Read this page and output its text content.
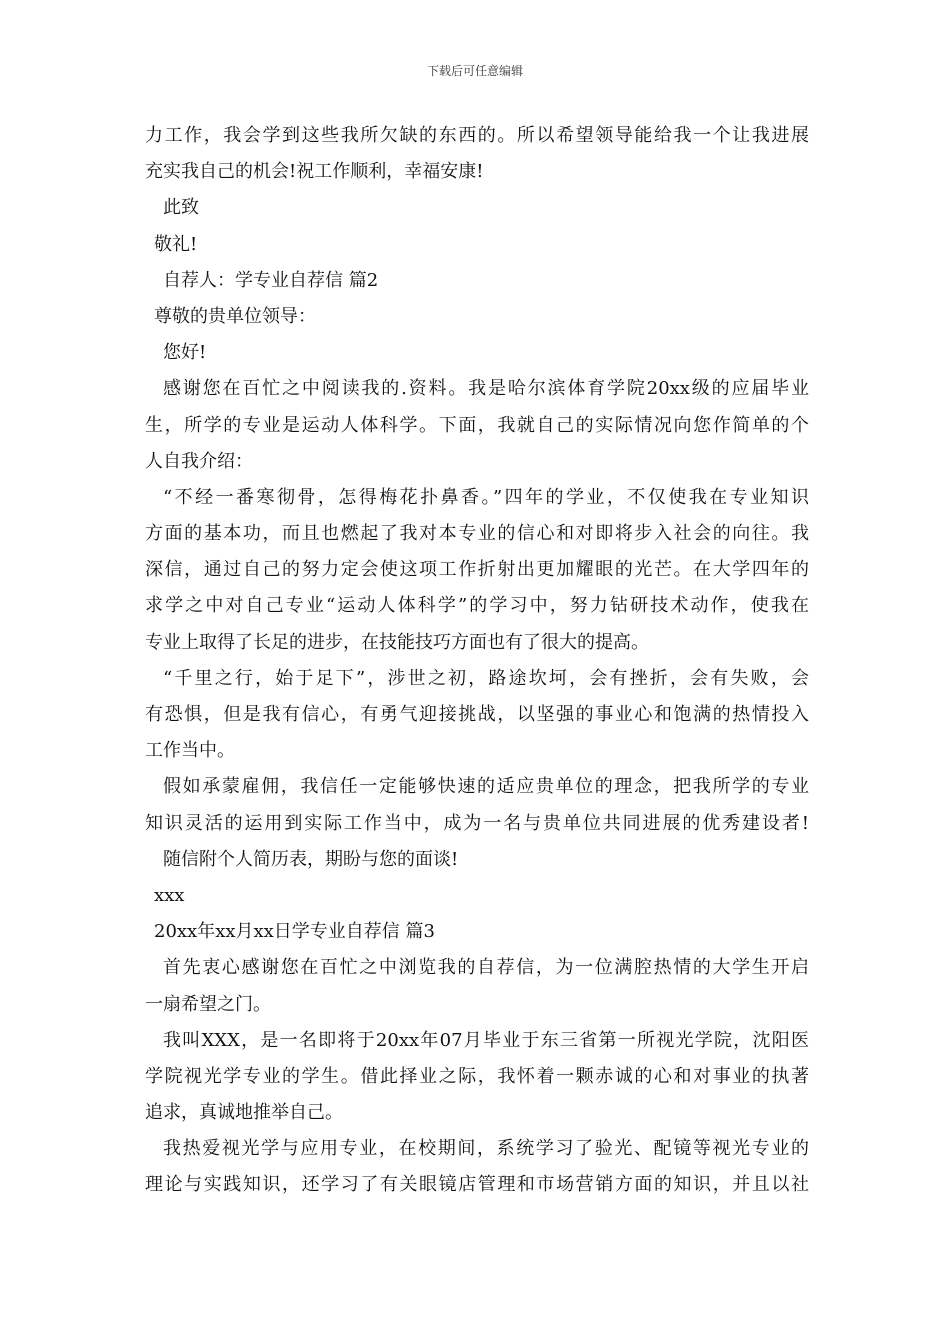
下载后可任意编辑
力工作，我会学到这些我所欠缺的东西的。所以希望领导能给我一个让我进展
充实我自己的机会!祝工作顺利，幸福安康!
此致
敬礼!
自荐人：学专业自荐信 篇2
尊敬的贵单位领导：
您好!
感谢您在百忙之中阅读我的.资料。我是哈尔滨体育学院20xx级的应届毕业
生，所学的专业是运动人体科学。下面，我就自己的实际情况向您作简单的个
人自我介绍：
“不经一番寒彻骨，怎得梅花扑鼻香。”四年的学业，不仅使我在专业知识
方面的基本功，而且也燃起了我对本专业的信心和对即将步入社会的向往。我
深信，通过自己的努力定会使这项工作折射出更加耀眼的光芒。在大学四年的
求学之中对自己专业“运动人体科学”的学习中，努力钻研技术动作，使我在
专业上取得了长足的进步，在技能技巧方面也有了很大的提高。
“千里之行，始于足下”，涉世之初，路途坎坷，会有挫折，会有失败，会
有恐惧，但是我有信心，有勇气迎接挑战，以坚强的事业心和饱满的热情投入
工作当中。
假如承蒙雇佣，我信任一定能够快速的适应贵单位的理念，把我所学的专业
知识灵活的运用到实际工作当中，成为一名与贵单位共同进展的优秀建设者!
随信附个人简历表，期盼与您的面谈!
xxx
20xx年xx月xx日学专业自荐信 篇3
首先衷心感谢您在百忙之中浏览我的自荐信，为一位满腔热情的大学生开启
一扇希望之门。
我叫XXX，是一名即将于20xx年07月毕业于东三省第一所视光学院，沈阳医
学院视光学专业的学生。借此择业之际，我怀着一颗赤诚的心和对事业的执著
追求，真诚地推举自己。
我热爱视光学与应用专业，在校期间，系统学习了验光、配镜等视光专业的
理论与实践知识，还学习了有关眼镜店管理和市场营销方面的知识，并且以社
